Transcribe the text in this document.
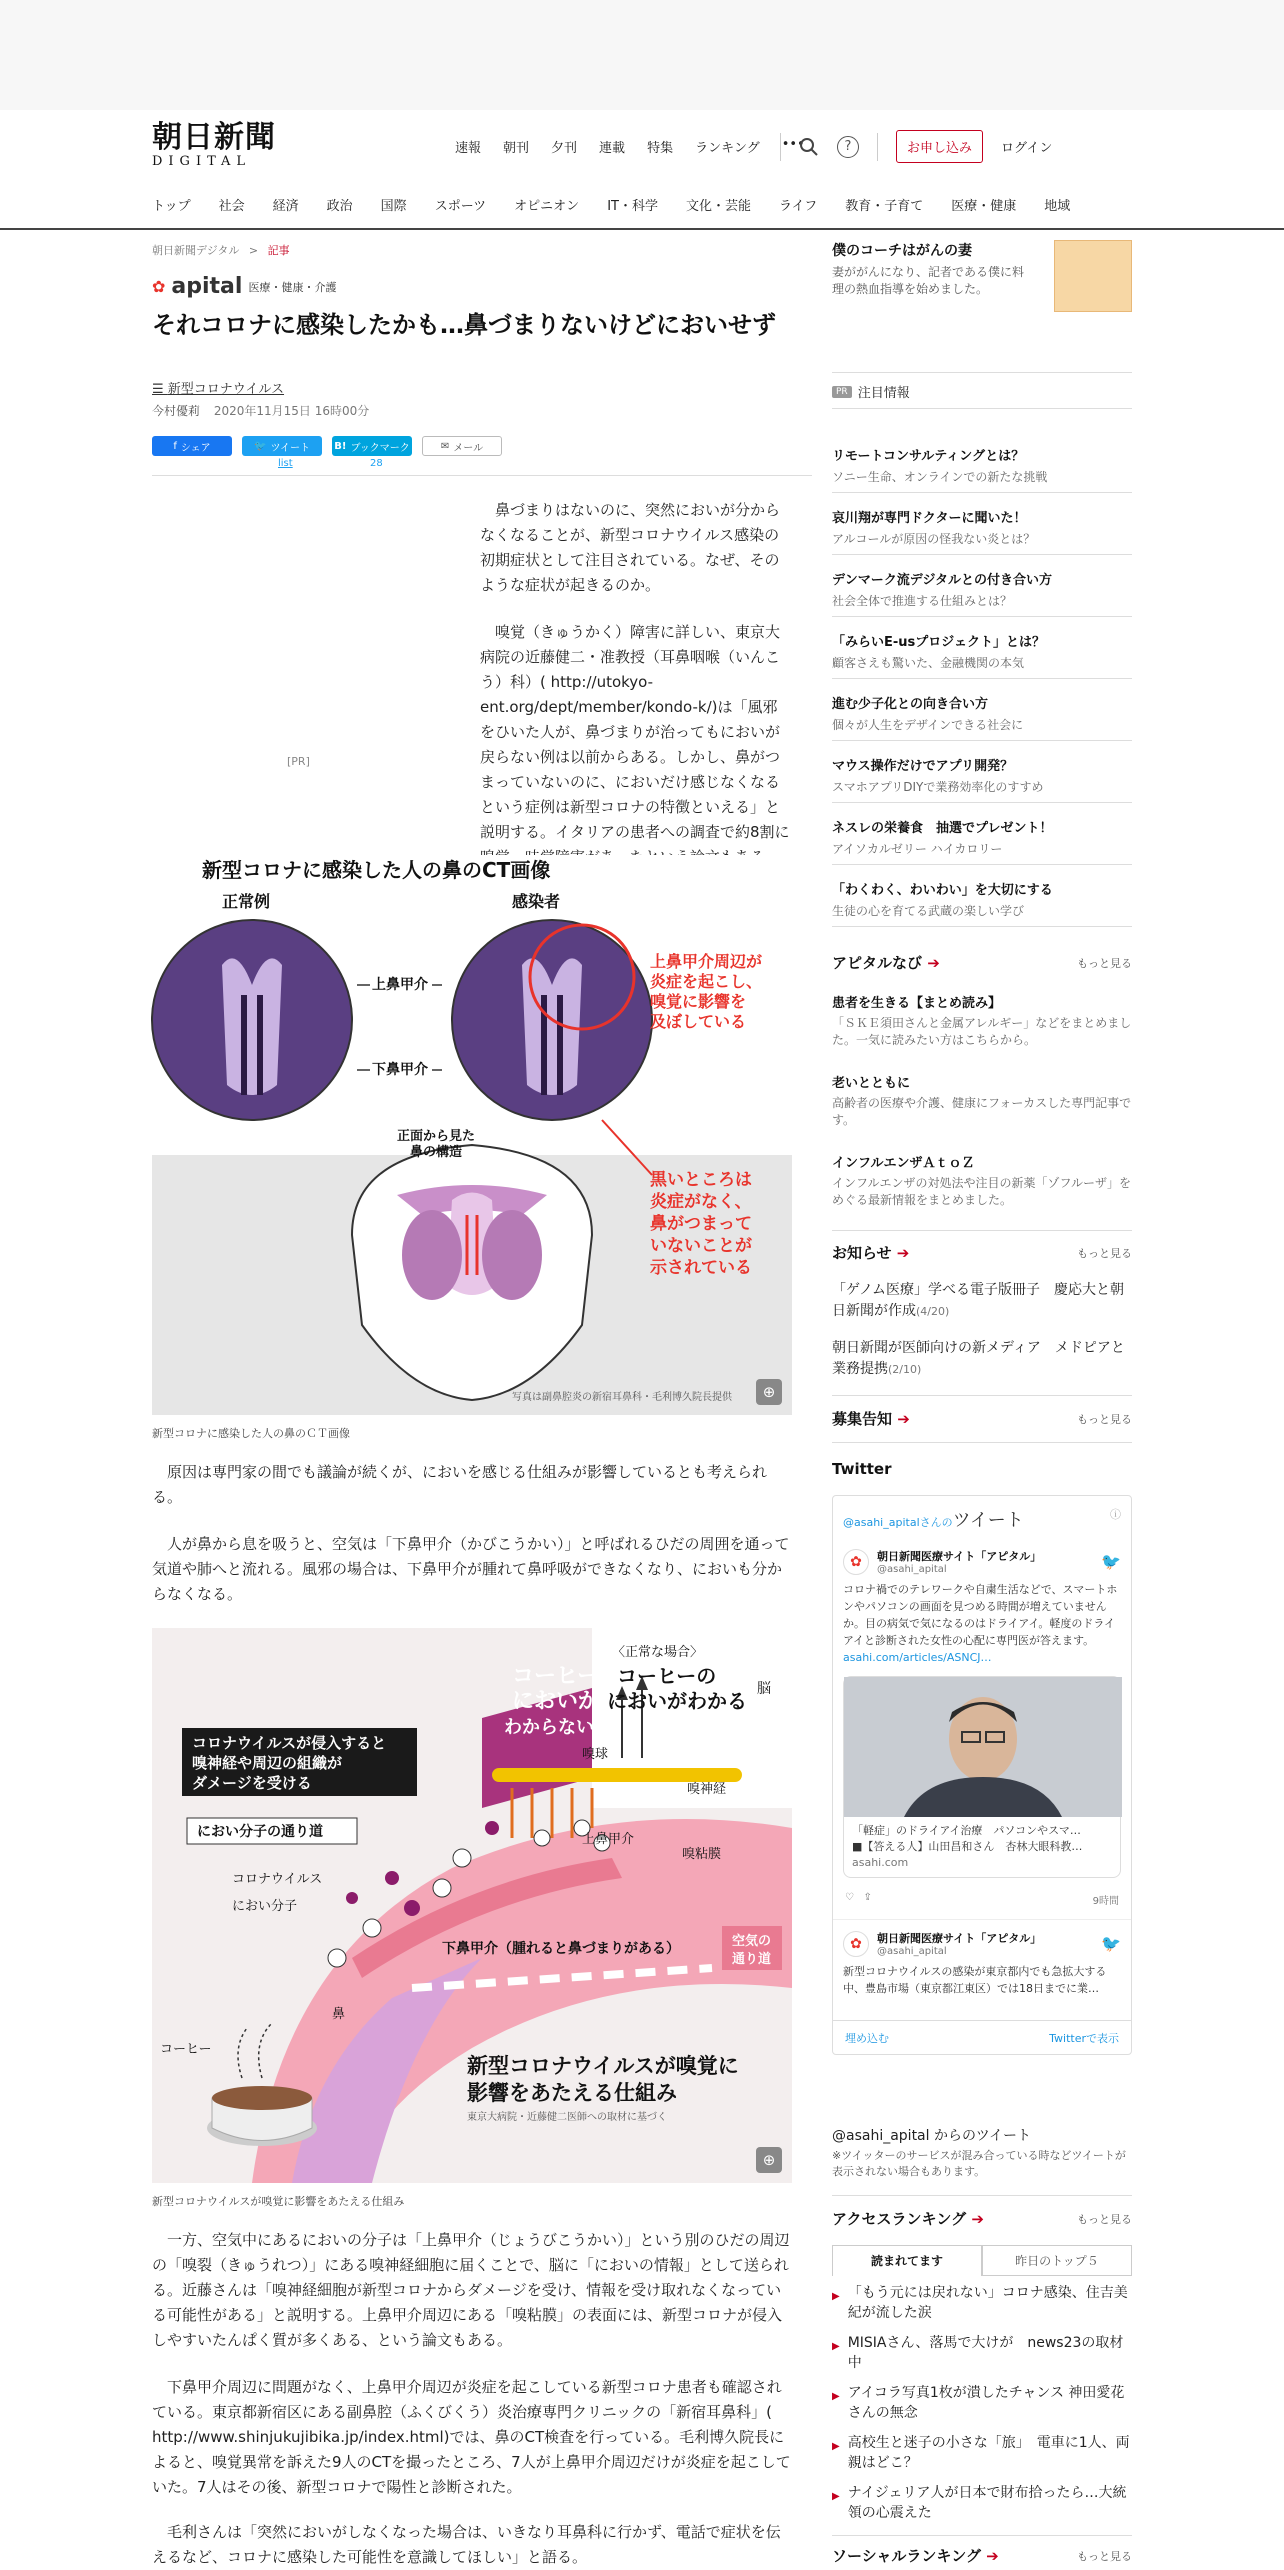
朝日新聞
DIGITAL
速報 朝刊 夕刊 連載 特集 ランキング •••	?	お申し込み	ログイン
トップ 社会 経済 政治 国際 スポーツ オピニオン IT・科学 文化・芸能 ライフ 教育・子育て 医療・健康 地域
朝日新聞デジタル > 記事
✿ apital 医療・健康・介護
それコロナに感染したかも…鼻づまりないけどにおいせず
☰ 新型コロナウイルス
今村優莉 2020年11月15日 16時00分
f シェア	🐦 ツイート B! ブックマーク	✉ メール
list	28
[PR]

鼻づまりはないのに、突然においが分からなくなることが、新型コロナウイルス感染の初期症状として注目されている。なぜ、そのような症状が起きるのか。

嗅覚（きゅうかく）障害に詳しい、東京大病院の近藤健二・准教授（耳鼻咽喉（いんこう）科）( http://utokyo-ent.org/dept/member/kondo-k/)は「風邪をひいた人が、鼻づまりが治ってもにおいが戻らない例は以前からある。しかし、鼻がつまっていないのに、においだけ感じなくなるという症例は新型コロナの特徴といえる」と説明する。イタリアの患者への調査で約8割に

新型コロナに感染した人の鼻のCT画像
正常例	感染者
上鼻甲介
下鼻甲介
上鼻甲介周辺が
炎症を起こし、
嗅覚に影響を
及ぼしている
正面から見た
鼻の構造
黒いところは
炎症がなく、
鼻がつまって
いないことが
示されている
写真は副鼻腔炎の新宿耳鼻科・毛利博久院長提供	⊕
新型コロナに感染した人の鼻のＣＴ画像

原因は専門家の間でも議論が続くが、においを感じる仕組みが影響しているとも考えられる。

人が鼻から息を吸うと、空気は「下鼻甲介（かびこうかい）」と呼ばれるひだの周囲を通って気道や肺へと流れる。風邪の場合は、下鼻甲介が腫れて鼻呼吸ができなくなり、においも分からなくなる。

コーヒーの
においが
わからない!!
〈正常な場合〉
コーヒーの
においがわかる 脳
嗅球
嗅神経
嗅粘膜
上鼻甲介
コロナウイルスが侵入すると
嗅神経や周辺の組織が
ダメージを受ける
におい分子の通り道
コロナウイルス
におい分子
下鼻甲介（腫れると鼻づまりがある）	空気の
通り道
鼻
コーヒー
新型コロナウイルスが嗅覚に
影響をあたえる仕組み
東京大病院・近藤健二医師への取材に基づく
⊕
新型コロナウイルスが嗅覚に影響をあたえる仕組み

一方、空気中にあるにおいの分子は「上鼻甲介（じょうびこうかい）」という別のひだの周辺の「嗅裂（きゅうれつ）」にある嗅神経細胞に届くことで、脳に「においの情報」として送られる。近藤さんは「嗅神経細胞が新型コロナからダメージを受け、情報を受け取れなくなっている可能性がある」と説明する。上鼻甲介周辺にある「嗅粘膜」の表面には、新型コロナが侵入しやすいたんぱく質が多くある、という論文もある。

下鼻甲介周辺に問題がなく、上鼻甲介周辺が炎症を起こしている新型コロナ患者も確認されている。東京都新宿区にある副鼻腔（ふくびくう）炎治療専門クリニックの「新宿耳鼻科」( http://www.shinjukujibika.jp/index.html)では、鼻のCT検査を行っている。毛利博久院長によると、嗅覚異常を訴えた9人のCTを撮ったところ、7人が上鼻甲介周辺だけが炎症を起こしていた。7人はその後、新型コロナで陽性と診断された。

毛利さんは「突然においがしなくなった場合は、いきなり耳鼻科に行かず、電話で症状を伝えるなど、コロナに感染した可能性を意識してほしい」と語る。

僕のコーチはがんの妻
妻ががんになり、記者である僕に料理の熱血指導を始めました。
PR 注目情報
リモートコンサルティングとは？
ソニー生命、オンラインでの新たな挑戦
哀川翔が専門ドクターに聞いた！
アルコールが原因の怪我ない炎とは？
デンマーク流デジタルとの付き合い方
社会全体で推進する仕組みとは？
「みらいE-usプロジェクト」とは？
顧客さえも驚いた、金融機関の本気
進む少子化との向き合い方
個々が人生をデザインできる社会に
マウス操作だけでアプリ開発？
スマホアプリDIYで業務効率化のすすめ
ネスレの栄養食　抽選でプレゼント！
アイソカルゼリー ハイカロリー
「わくわく、わいわい」を大切にする
生徒の心を育てる武蔵の楽しい学び
アピタルなび ➔	もっと見る
患者を生きる【まとめ読み】
「ＳＫＥ須田さんと金属アレルギー」などをまとめました。一気に読みたい方はこちらから。
老いとともに
高齢者の医療や介護、健康にフォーカスした専門記事です。
インフルエンザＡｔｏＺ
インフルエンザの対処法や注目の新薬「ゾフルーザ」をめぐる最新情報をまとめました。
お知らせ ➔	もっと見る
「ゲノム医療」学べる電子版冊子　慶応大と朝日新聞が作成(4/20)
朝日新聞が医師向けの新メディア　メドピアと業務提携(2/10)
募集告知 ➔	もっと見る
Twitter
@asahi_apitalさんのツイート	ⓘ
✿	朝日新聞医療サイト「アピタル」
@asahi_apital	🐦
コロナ禍でのテレワークや自粛生活などで、スマートホンやパソコンの画面を見つめる時間が増えていませんか。目の病気で気になるのはドライアイ。軽度のドライアイと診断された女性の心配に専門医が答えます。asahi.com/articles/ASNCJ…
「軽症」のドライアイ治療　パソコンやスマ…
■【答える人】山田昌和さん　杏林大眼科教…
asahi.com
♡ ⇪	9時間
✿	朝日新聞医療サイト「アピタル」
@asahi_apital	🐦
新型コロナウイルスの感染が東京都内でも急拡大する中、豊島市場（東京都江東区）では18日までに業…
埋め込む	Twitterで表示
@asahi_apital からのツイート
※ツイッターのサービスが混み合っている時などツイートが表示されない場合もあります。
アクセスランキング ➔	もっと見る
読まれてます	昨日のトップ５
▶ 「もう元には戻れない」コロナ感染、住吉美紀が流した涙
▶ MISIAさん、落馬で大けが　news23の取材中
▶ アイコラ写真1枚が潰したチャンス 神田愛花さんの無念
▶ 高校生と迷子の小さな「旅」　電車に1人、両親はどこ？
▶ ナイジェリア人が日本で財布拾ったら…大統領の心震えた
ソーシャルランキング ➔	もっと見る
